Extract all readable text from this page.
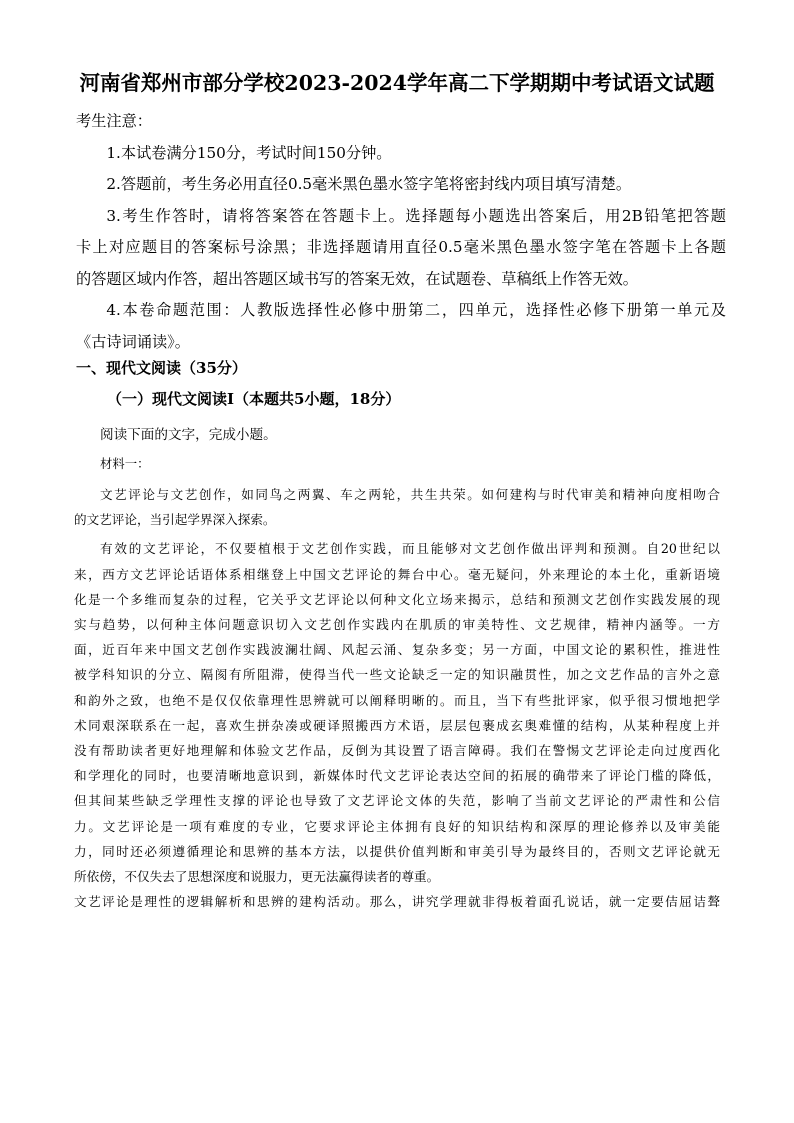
河南省郑州市部分学校2023-2024学年高二下学期期中考试语文试题

考生注意：

1.本试卷满分150分，考试时间150分钟。

2.答题前，考生务必用直径0.5毫米黑色墨水签字笔将密封线内项目填写清楚。

3.考生作答时，请将答案答在答题卡上。选择题每小题选出答案后，用2B铅笔把答题

卡上对应题目的答案标号涂黑；非选择题请用直径0.5毫米黑色墨水签字笔在答题卡上各题

的答题区域内作答，超出答题区域书写的答案无效，在试题卷、草稿纸上作答无效。

4.本卷命题范围：人教版选择性必修中册第二，四单元，选择性必修下册第一单元及

《古诗词诵读》。

一、现代文阅读（35分）
（一）现代文阅读Ⅰ（本题共5小题，18分）
阅读下面的文字，完成小题。
材料一：
文艺评论与文艺创作，如同鸟之两翼、车之两轮，共生共荣。如何建构与时代审美和精神向度相吻合
的文艺评论，当引起学界深入探索。
有效的文艺评论，不仅要植根于文艺创作实践，而且能够对文艺创作做出评判和预测。自20世纪以
来，西方文艺评论话语体系相继登上中国文艺评论的舞台中心。毫无疑问，外来理论的本土化，重新语境
化是一个多维而复杂的过程，它关乎文艺评论以何种文化立场来揭示，总结和预测文艺创作实践发展的现
实与趋势，以何种主体问题意识切入文艺创作实践内在肌质的审美特性、文艺规律，精神内涵等。一方
面，近百年来中国文艺创作实践波澜壮阔、风起云涌、复杂多变；另一方面，中国文论的累积性，推进性
被学科知识的分立、隔阂有所阻滞，使得当代一些文论缺乏一定的知识融贯性，加之文艺作品的言外之意
和韵外之致，也绝不是仅仅依靠理性思辨就可以阐释明晰的。而且，当下有些批评家，似乎很习惯地把学
术同艰深联系在一起，喜欢生拼杂凑或硬译照搬西方术语，层层包裹成玄奥难懂的结构，从某种程度上并
没有帮助读者更好地理解和体验文艺作品，反倒为其设置了语言障碍。我们在警惕文艺评论走向过度西化
和学理化的同时，也要清晰地意识到，新媒体时代文艺评论表达空间的拓展的确带来了评论门槛的降低，
但其间某些缺乏学理性支撑的评论也导致了文艺评论文体的失范，影响了当前文艺评论的严肃性和公信
力。文艺评论是一项有难度的专业，它要求评论主体拥有良好的知识结构和深厚的理论修养以及审美能
力，同时还必须遵循理论和思辨的基本方法，以提供价值判断和审美引导为最终目的，否则文艺评论就无
所依傍，不仅失去了思想深度和说服力，更无法赢得读者的尊重。
文艺评论是理性的逻辑解析和思辨的建构活动。那么，讲究学理就非得板着面孔说话，就一定要佶屈诘聱
